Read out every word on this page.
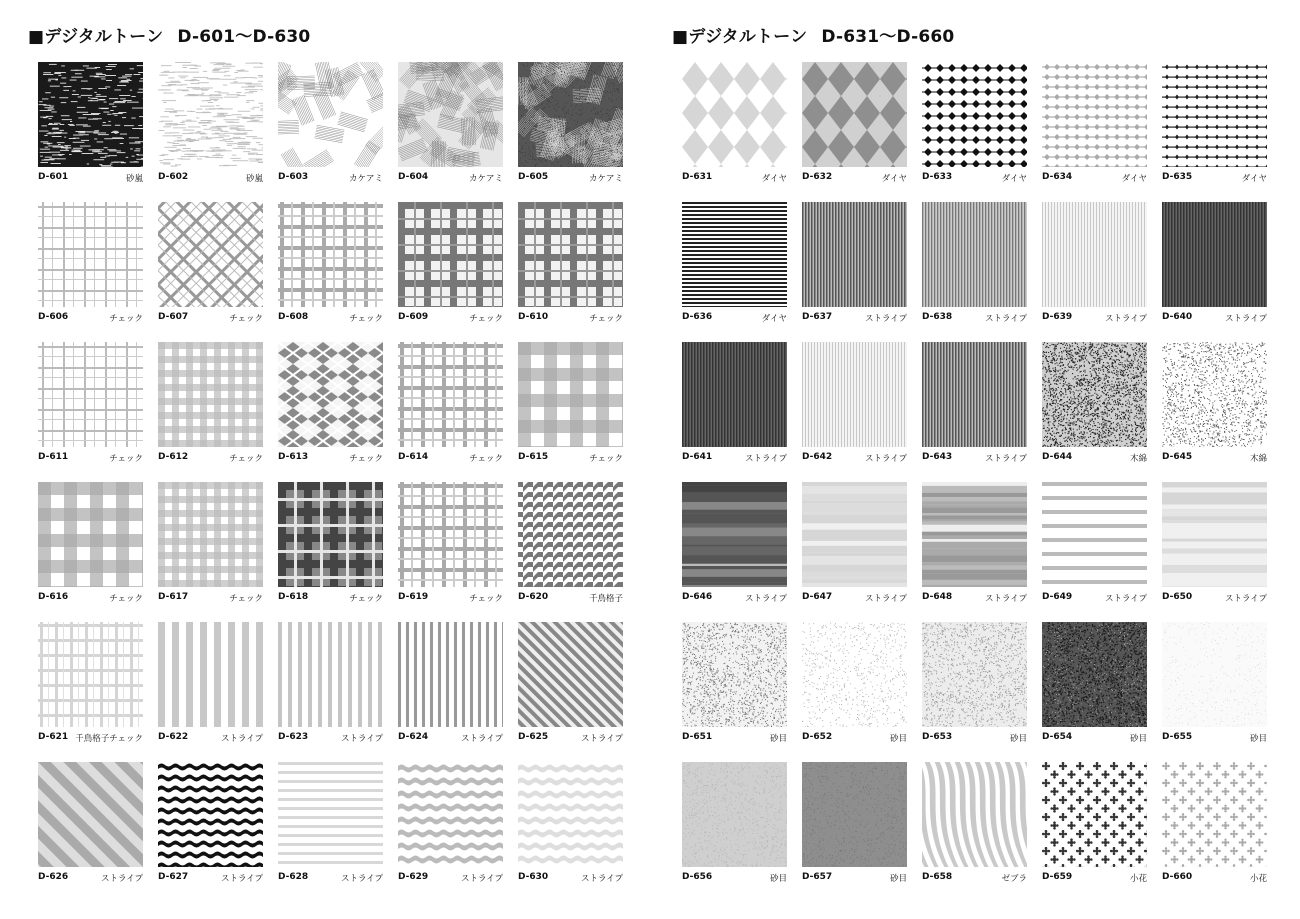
■デジタルトーン D-601～D-630
D-601	砂嵐 D-602	砂嵐 D-603	カケアミ D-604	カケアミ D-605	カケアミ
D-606	チェック D-607	チェック D-608	チェック D-609	チェック D-610	チェック
D-611	チェック D-612	チェック D-613	チェック D-614	チェック D-615	チェック
D-616	チェック D-617	チェック D-618	チェック D-619	チェック D-620	千鳥格子
D-621 千鳥格子チェック D-622	ストライプ D-623	ストライプ D-624	ストライプ D-625	ストライプ
D-626	ストライプ D-627	ストライプ D-628	ストライプ D-629	ストライプ D-630	ストライプ
■デジタルトーン D-631～D-660
D-631	ダイヤ D-632	ダイヤ D-633	ダイヤ D-634	ダイヤ D-635	ダイヤ
D-636	ダイヤ D-637	ストライプ D-638	ストライプ D-639	ストライプ D-640	ストライプ
D-641	ストライプ D-642	ストライプ D-643	ストライプ D-644	木綿 D-645	木綿
D-646	ストライプ D-647	ストライプ D-648	ストライプ D-649	ストライプ D-650	ストライプ
D-651	砂目 D-652	砂目 D-653	砂目 D-654	砂目 D-655	砂目
D-656	砂目 D-657	砂目 D-658	ゼブラ D-659	小花 D-660	小花
